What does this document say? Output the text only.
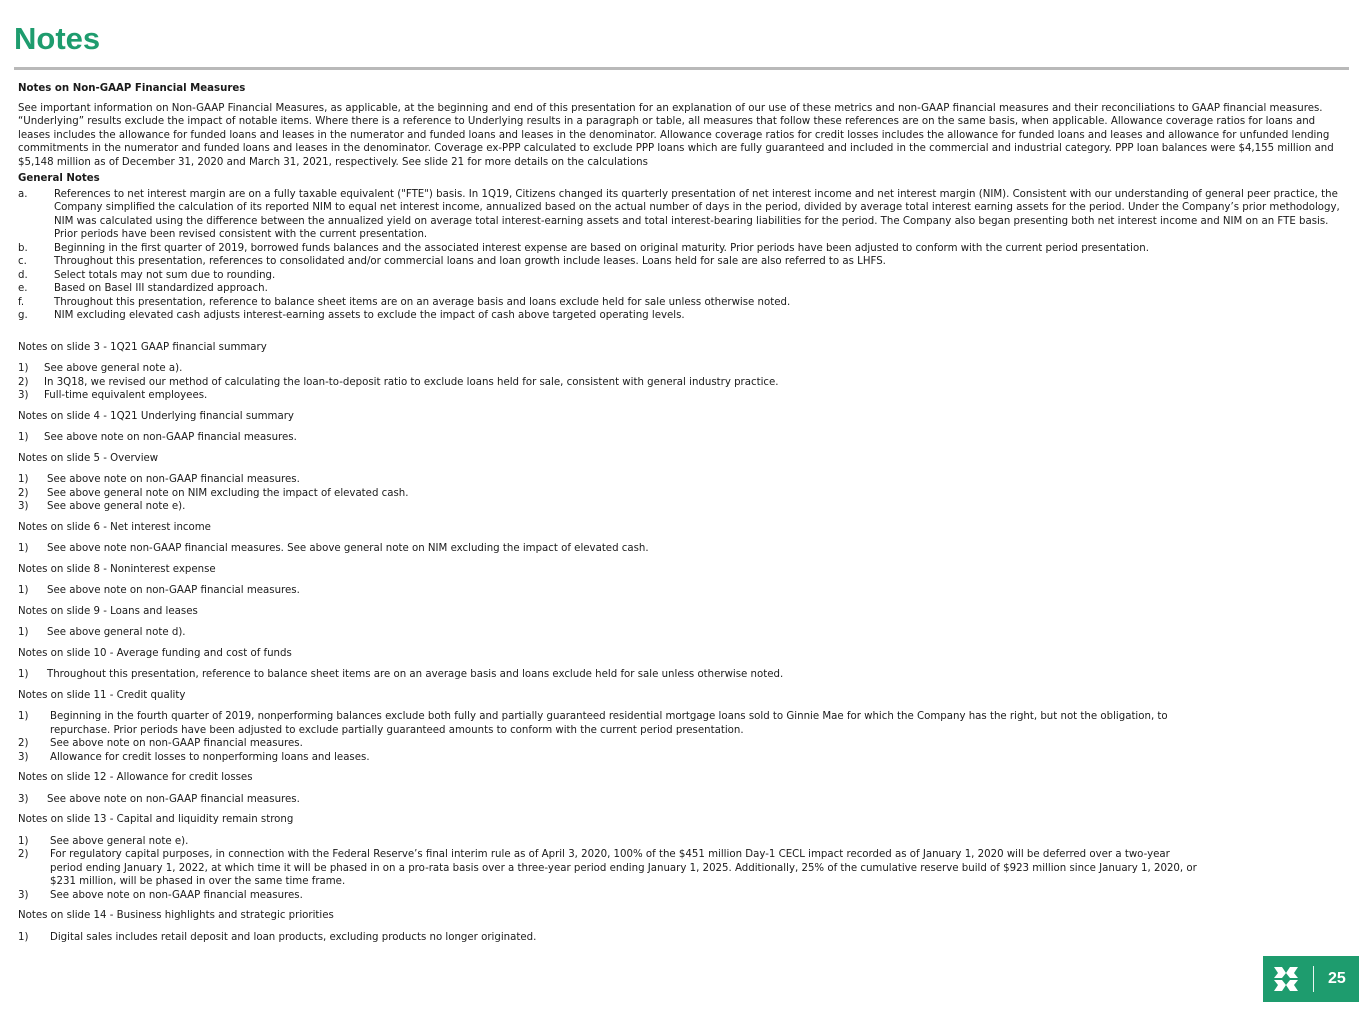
Notes

Notes on Non-GAAP Financial Measures

See important information on Non-GAAP Financial Measures, as applicable, at the beginning and end of this presentation for an explanation of our use of these metrics and non-GAAP financial measures and their reconciliations to GAAP financial measures. “Underlying” results exclude the impact of notable items. Where there is a reference to Underlying results in a paragraph or table, all measures that follow these references are on the same basis, when applicable. Allowance coverage ratios for loans and leases includes the allowance for funded loans and leases in the numerator and funded loans and leases in the denominator. Allowance coverage ratios for credit losses includes the allowance for funded loans and leases and allowance for unfunded lending commitments in the numerator and funded loans and leases in the denominator. Coverage ex-PPP calculated to exclude PPP loans which are fully guaranteed and included in the commercial and industrial category. PPP loan balances were $4,155 million and $5,148 million as of December 31, 2020 and March 31, 2021, respectively. See slide 21 for more details on the calculations

General Notes

a.	References to net interest margin are on a fully taxable equivalent ("FTE") basis. In 1Q19, Citizens changed its quarterly presentation of net interest income and net interest margin (NIM). Consistent with our understanding of general peer practice, the Company simplified the calculation of its reported NIM to equal net interest income, annualized based on the actual number of days in the period, divided by average total interest earning assets for the period. Under the Company’s prior methodology, NIM was calculated using the difference between the annualized yield on average total interest-earning assets and total interest-bearing liabilities for the period. The Company also began presenting both net interest income and NIM on an FTE basis. Prior periods have been revised consistent with the current presentation.
b.	Beginning in the first quarter of 2019, borrowed funds balances and the associated interest expense are based on original maturity. Prior periods have been adjusted to conform with the current period presentation.
c.	Throughout this presentation, references to consolidated and/or commercial loans and loan growth include leases. Loans held for sale are also referred to as LHFS.
d.	Select totals may not sum due to rounding.
e.	Based on Basel III standardized approach.
f.	Throughout this presentation, reference to balance sheet items are on an average basis and loans exclude held for sale unless otherwise noted.
g.	NIM excluding elevated cash adjusts interest-earning assets to exclude the impact of cash above targeted operating levels.

Notes on slide 3 - 1Q21 GAAP financial summary

1)	See above general note a).
2)	In 3Q18, we revised our method of calculating the loan-to-deposit ratio to exclude loans held for sale, consistent with general industry practice.
3)	Full-time equivalent employees.

Notes on slide 4 - 1Q21 Underlying financial summary

1)	See above note on non-GAAP financial measures.

Notes on slide 5 - Overview

1)	See above note on non-GAAP financial measures.
2)	See above general note on NIM excluding the impact of elevated cash.
3)	See above general note e).

Notes on slide 6 - Net interest income

1)	See above note non-GAAP financial measures. See above general note on NIM excluding the impact of elevated cash.

Notes on slide 8 - Noninterest expense

1)	See above note on non-GAAP financial measures.

Notes on slide 9 - Loans and leases

1)	See above general note d).

Notes on slide 10 - Average funding and cost of funds

1)	Throughout this presentation, reference to balance sheet items are on an average basis and loans exclude held for sale unless otherwise noted.

Notes on slide 11 - Credit quality

1)	Beginning in the fourth quarter of 2019, nonperforming balances exclude both fully and partially guaranteed residential mortgage loans sold to Ginnie Mae for which the Company has the right, but not the obligation, to repurchase. Prior periods have been adjusted to exclude partially guaranteed amounts to conform with the current period presentation.
2)	See above note on non-GAAP financial measures.
3)	Allowance for credit losses to nonperforming loans and leases.

Notes on slide 12 - Allowance for credit losses

3)	See above note on non-GAAP financial measures.

Notes on slide 13 - Capital and liquidity remain strong

1)	See above general note e).
2)	For regulatory capital purposes, in connection with the Federal Reserve’s final interim rule as of April 3, 2020, 100% of the $451 million Day-1 CECL impact recorded as of January 1, 2020 will be deferred over a two-year period ending January 1, 2022, at which time it will be phased in on a pro-rata basis over a three-year period ending January 1, 2025. Additionally, 25% of the cumulative reserve build of $923 million since January 1, 2020, or $231 million, will be phased in over the same time frame.
3)	See above note on non-GAAP financial measures.

Notes on slide 14 - Business highlights and strategic priorities

1)	Digital sales includes retail deposit and loan products, excluding products no longer originated.
25
